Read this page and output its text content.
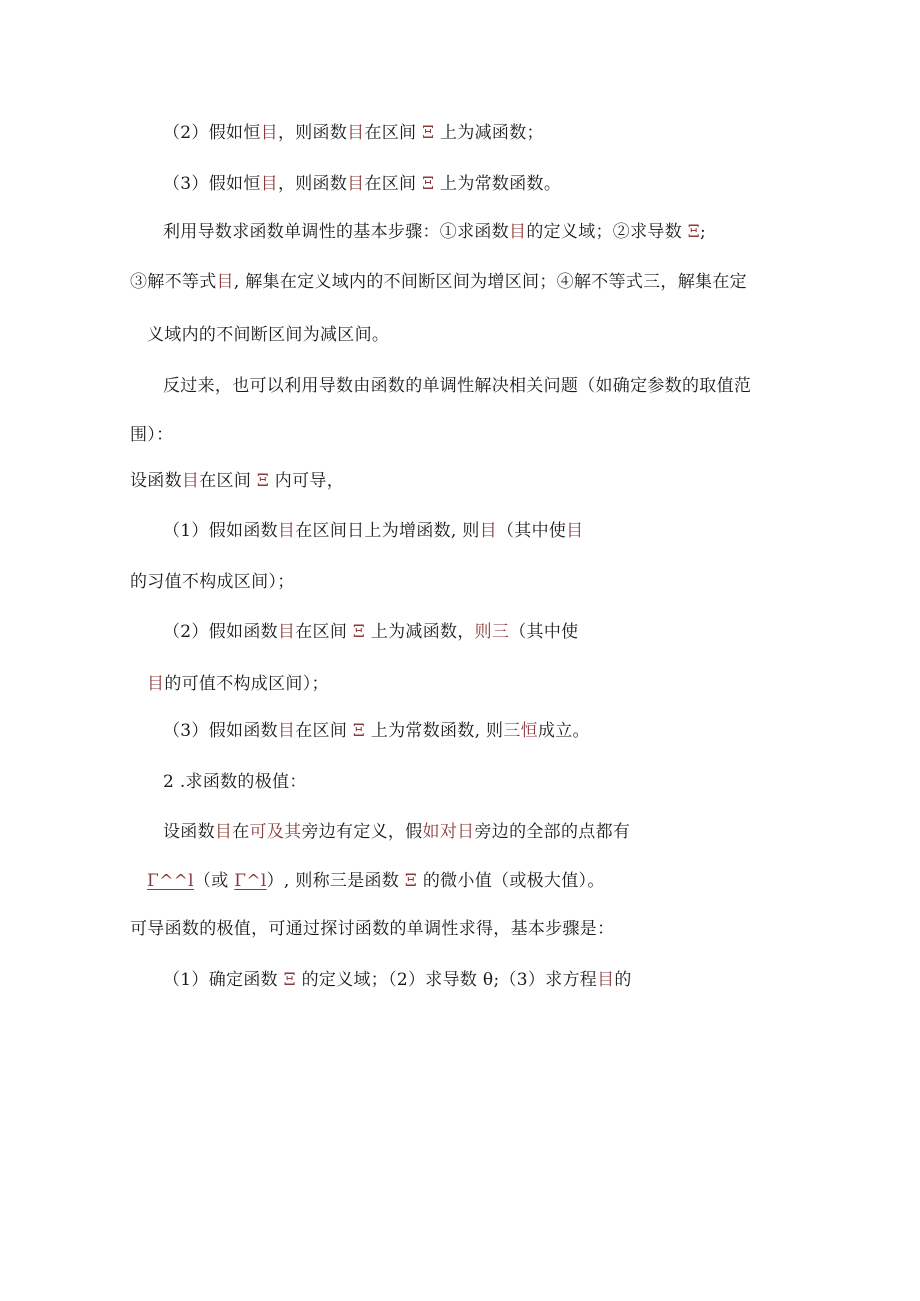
（2）假如恒目，则函数目在区间 Ξ 上为减函数；
（3）假如恒目，则函数目在区间 Ξ 上为常数函数。
利用导数求函数单调性的基本步骤：①求函数目的定义域；②求导数 Ξ;
③解不等式目, 解集在定义域内的不间断区间为增区间；④解不等式三，解集在定
义域内的不间断区间为减区间。
反过来，也可以利用导数由函数的单调性解决相关问题（如确定参数的取值范
围）：
设函数目在区间 Ξ 内可导，
（1）假如函数目在区间日上为增函数, 则目（其中使目
的习值不构成区间）；
（2）假如函数目在区间 Ξ 上为减函数，则三（其中使
目的可值不构成区间）；
（3）假如函数目在区间 Ξ 上为常数函数, 则三恒成立。
2 .求函数的极值：
设函数目在可及其旁边有定义，假如对日旁边的全部的点都有
Γ^^l（或 Γ^l）, 则称三是函数 Ξ 的微小值（或极大值）。
可导函数的极值，可通过探讨函数的单调性求得，基本步骤是：
（1）确定函数 Ξ 的定义域；（2）求导数 θ;（3）求方程目的
